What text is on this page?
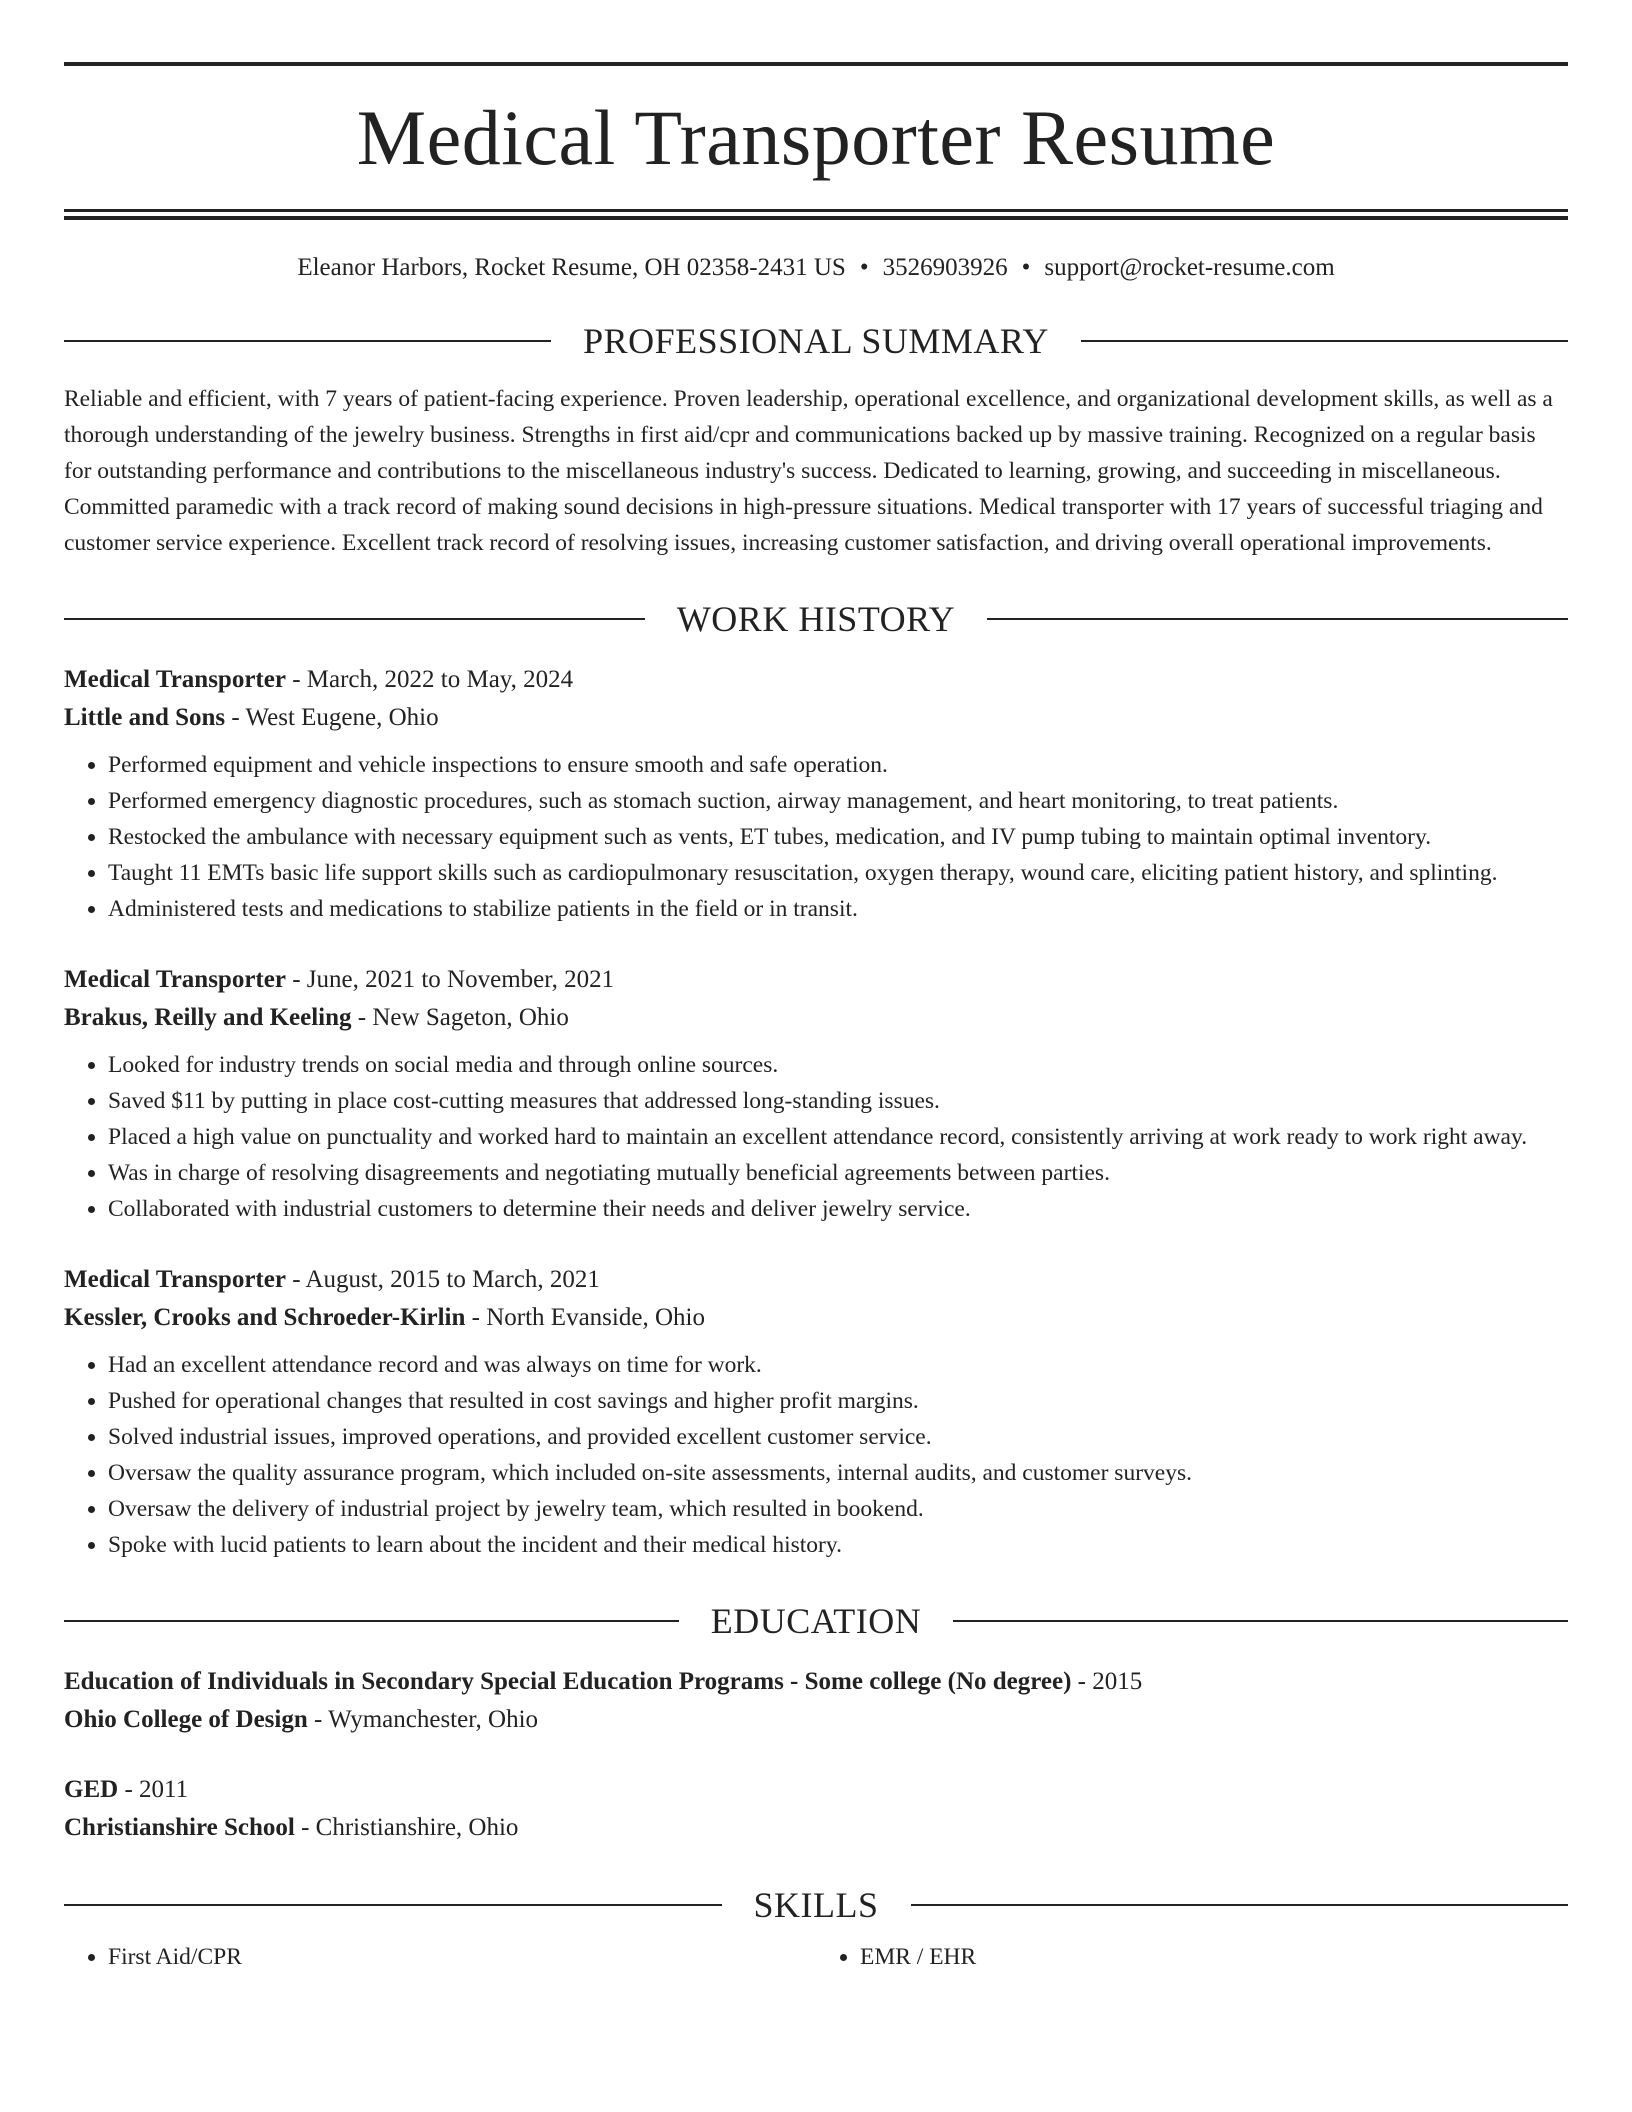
Medical Transporter Resume
Eleanor Harbors, Rocket Resume, OH 02358-2431 US • 3526903926 • support@rocket-resume.com
PROFESSIONAL SUMMARY

Reliable and efficient, with 7 years of patient-facing experience. Proven leadership, operational excellence, and organizational development skills, as well as a thorough understanding of the jewelry business. Strengths in first aid/cpr and communications backed up by massive training. Recognized on a regular basis for outstanding performance and contributions to the miscellaneous industry's success. Dedicated to learning, growing, and succeeding in miscellaneous. Committed paramedic with a track record of making sound decisions in high-pressure situations. Medical transporter with 17 years of successful triaging and customer service experience. Excellent track record of resolving issues, increasing customer satisfaction, and driving overall operational improvements.

WORK HISTORY
Medical Transporter - March, 2022 to May, 2024
Little and Sons - West Eugene, Ohio
• Performed equipment and vehicle inspections to ensure smooth and safe operation.
• Performed emergency diagnostic procedures, such as stomach suction, airway management, and heart monitoring, to treat patients.
• Restocked the ambulance with necessary equipment such as vents, ET tubes, medication, and IV pump tubing to maintain optimal inventory.
• Taught 11 EMTs basic life support skills such as cardiopulmonary resuscitation, oxygen therapy, wound care, eliciting patient history, and splinting.
• Administered tests and medications to stabilize patients in the field or in transit.
Medical Transporter - June, 2021 to November, 2021
Brakus, Reilly and Keeling - New Sageton, Ohio
• Looked for industry trends on social media and through online sources.
• Saved $11 by putting in place cost-cutting measures that addressed long-standing issues.
• Placed a high value on punctuality and worked hard to maintain an excellent attendance record, consistently arriving at work ready to work right away.
• Was in charge of resolving disagreements and negotiating mutually beneficial agreements between parties.
• Collaborated with industrial customers to determine their needs and deliver jewelry service.
Medical Transporter - August, 2015 to March, 2021
Kessler, Crooks and Schroeder-Kirlin - North Evanside, Ohio
• Had an excellent attendance record and was always on time for work.
• Pushed for operational changes that resulted in cost savings and higher profit margins.
• Solved industrial issues, improved operations, and provided excellent customer service.
• Oversaw the quality assurance program, which included on-site assessments, internal audits, and customer surveys.
• Oversaw the delivery of industrial project by jewelry team, which resulted in bookend.
• Spoke with lucid patients to learn about the incident and their medical history.
EDUCATION
Education of Individuals in Secondary Special Education Programs - Some college (No degree) - 2015
Ohio College of Design - Wymanchester, Ohio
GED - 2011
Christianshire School - Christianshire, Ohio
SKILLS
• First Aid/CPR
•	EMR / EHR
